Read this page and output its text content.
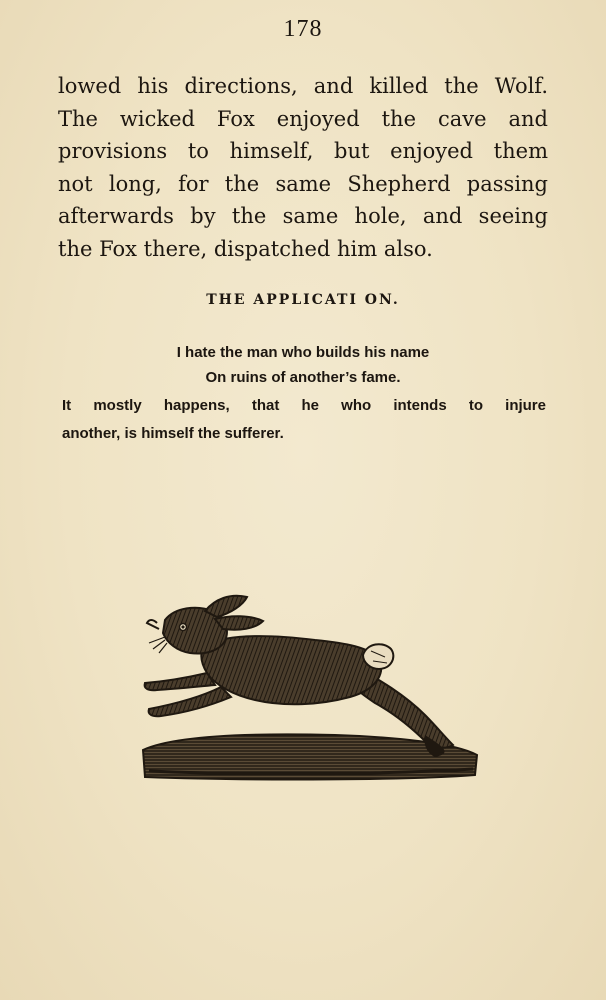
178
lowed his directions, and killed the Wolf.
The wicked Fox enjoyed the cave and
provisions to himself, but enjoyed them
not long, for the same Shepherd passing
afterwards by the same hole, and seeing
the Fox there, dispatched him also.
THE APPLICATI ON.
I hate the man who builds his name
On ruins of another’s fame.
It mostly happens, that he who intends to injure
another, is himself the sufferer.
